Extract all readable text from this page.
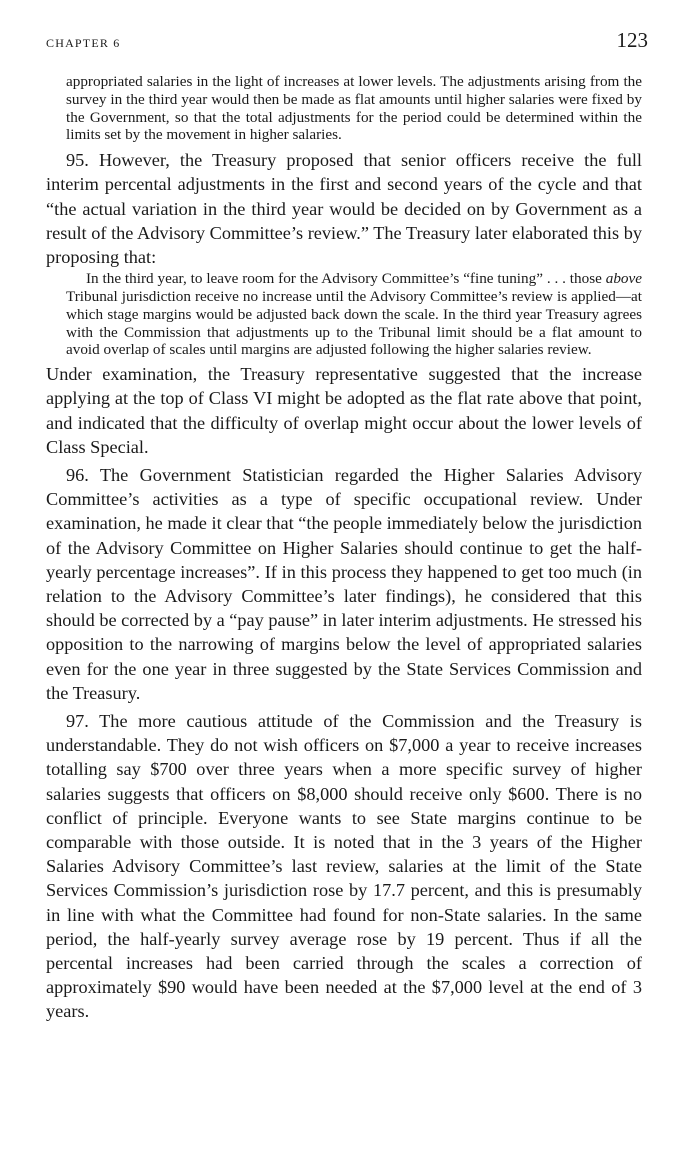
CHAPTER 6	123

appropriated salaries in the light of increases at lower levels. The adjustments arising from the survey in the third year would then be made as flat amounts until higher salaries were fixed by the Government, so that the total adjustments for the period could be determined within the limits set by the movement in higher salaries.

95. However, the Treasury proposed that senior officers receive the full interim percental adjustments in the first and second years of the cycle and that “the actual variation in the third year would be decided on by Government as a result of the Advisory Committee’s review.” The Treasury later elaborated this by proposing that:

In the third year, to leave room for the Advisory Committee’s “fine tuning” . . . those above Tribunal jurisdiction receive no increase until the Advisory Committee’s review is applied—at which stage margins would be adjusted back down the scale. In the third year Treasury agrees with the Commission that adjustments up to the Tribunal limit should be a flat amount to avoid overlap of scales until margins are adjusted following the higher salaries review.

Under examination, the Treasury representative suggested that the increase applying at the top of Class VI might be adopted as the flat rate above that point, and indicated that the difficulty of overlap might occur about the lower levels of Class Special.

96. The Government Statistician regarded the Higher Salaries Advisory Committee’s activities as a type of specific occupational review. Under examination, he made it clear that “the people immediately below the jurisdiction of the Advisory Committee on Higher Salaries should continue to get the half-yearly percentage increases”. If in this process they happened to get too much (in relation to the Advisory Committee’s later findings), he considered that this should be corrected by a “pay pause” in later interim adjustments. He stressed his opposition to the narrowing of margins below the level of appropriated salaries even for the one year in three suggested by the State Services Commission and the Treasury.

97. The more cautious attitude of the Commission and the Treasury is understandable. They do not wish officers on $7,000 a year to receive increases totalling say $700 over three years when a more specific survey of higher salaries suggests that officers on $8,000 should receive only $600. There is no conflict of principle. Everyone wants to see State margins continue to be comparable with those outside. It is noted that in the 3 years of the Higher Salaries Advisory Committee’s last review, salaries at the limit of the State Services Commission’s jurisdiction rose by 17.7 percent, and this is presumably in line with what the Committee had found for non-State salaries. In the same period, the half-yearly survey average rose by 19 percent. Thus if all the percental increases had been carried through the scales a correction of approximately $90 would have been needed at the $7,000 level at the end of 3 years.
